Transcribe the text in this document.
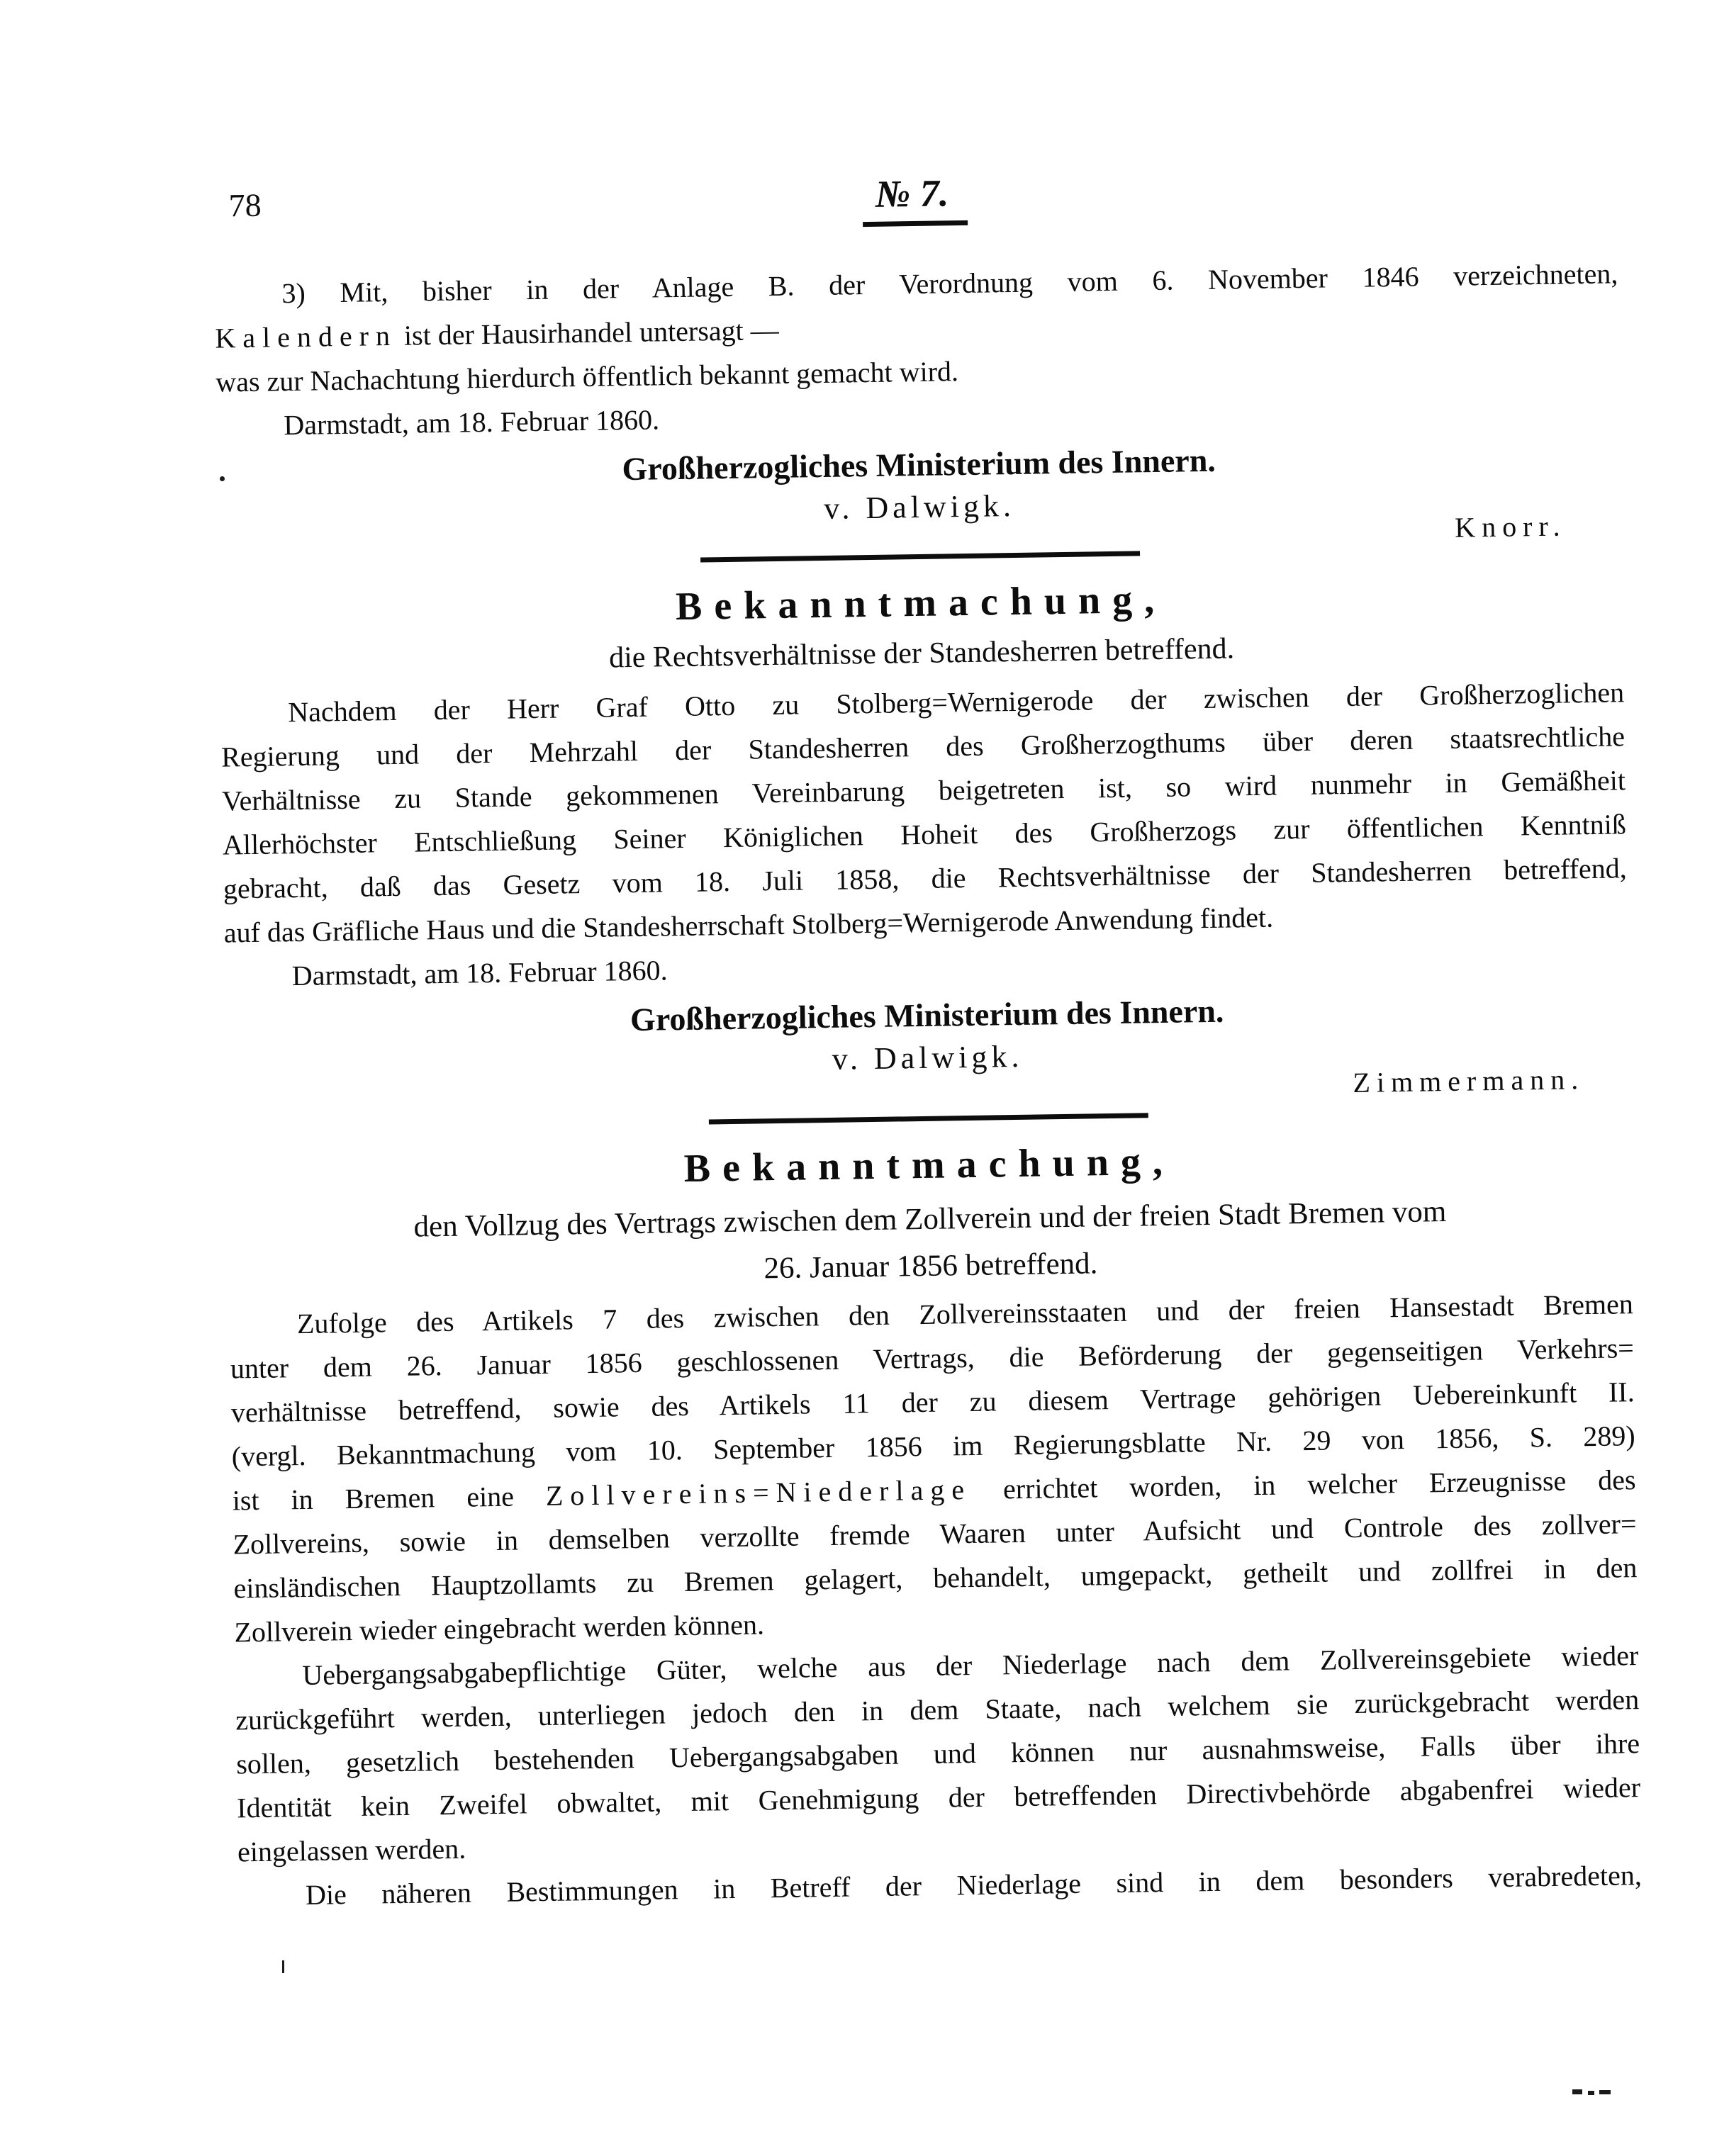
78	№ 7.
3) Mit, bisher in der Anlage B. der Verordnung vom 6. November 1846 verzeichneten,
Kalendern ist der Hausirhandel untersagt —
was zur Nachachtung hierdurch öffentlich bekannt gemacht wird.
Darmstadt, am 18. Februar 1860.
Großherzogliches Ministerium des Innern.
v. Dalwigk.
Knorr.
Bekanntmachung,
die Rechtsverhältnisse der Standesherren betreffend.
Nachdem der Herr Graf Otto zu Stolberg=Wernigerode der zwischen der Großherzoglichen
Regierung und der Mehrzahl der Standesherren des Großherzogthums über deren staatsrechtliche
Verhältnisse zu Stande gekommenen Vereinbarung beigetreten ist, so wird nunmehr in Gemäßheit
Allerhöchster Entschließung Seiner Königlichen Hoheit des Großherzogs zur öffentlichen Kenntniß
gebracht, daß das Gesetz vom 18. Juli 1858, die Rechtsverhältnisse der Standesherren betreffend,
auf das Gräfliche Haus und die Standesherrschaft Stolberg=Wernigerode Anwendung findet.
Darmstadt, am 18. Februar 1860.
Großherzogliches Ministerium des Innern.
v. Dalwigk.
Zimmermann.
Bekanntmachung,
den Vollzug des Vertrags zwischen dem Zollverein und der freien Stadt Bremen vom
26. Januar 1856 betreffend.
Zufolge des Artikels 7 des zwischen den Zollvereinsstaaten und der freien Hansestadt Bremen
unter dem 26. Januar 1856 geschlossenen Vertrags, die Beförderung der gegenseitigen Verkehrs=
verhältnisse betreffend, sowie des Artikels 11 der zu diesem Vertrage gehörigen Uebereinkunft II.
(vergl. Bekanntmachung vom 10. September 1856 im Regierungsblatte Nr. 29 von 1856, S. 289)
ist in Bremen eine Zollvereins=Niederlage errichtet worden, in welcher Erzeugnisse des
Zollvereins, sowie in demselben verzollte fremde Waaren unter Aufsicht und Controle des zollver=
einsländischen Hauptzollamts zu Bremen gelagert, behandelt, umgepackt, getheilt und zollfrei in den
Zollverein wieder eingebracht werden können.
Uebergangsabgabepflichtige Güter, welche aus der Niederlage nach dem Zollvereinsgebiete wieder
zurückgeführt werden, unterliegen jedoch den in dem Staate, nach welchem sie zurückgebracht werden
sollen, gesetzlich bestehenden Uebergangsabgaben und können nur ausnahmsweise, Falls über ihre
Identität kein Zweifel obwaltet, mit Genehmigung der betreffenden Directivbehörde abgabenfrei wieder
eingelassen werden.
Die näheren Bestimmungen in Betreff der Niederlage sind in dem besonders verabredeten,
